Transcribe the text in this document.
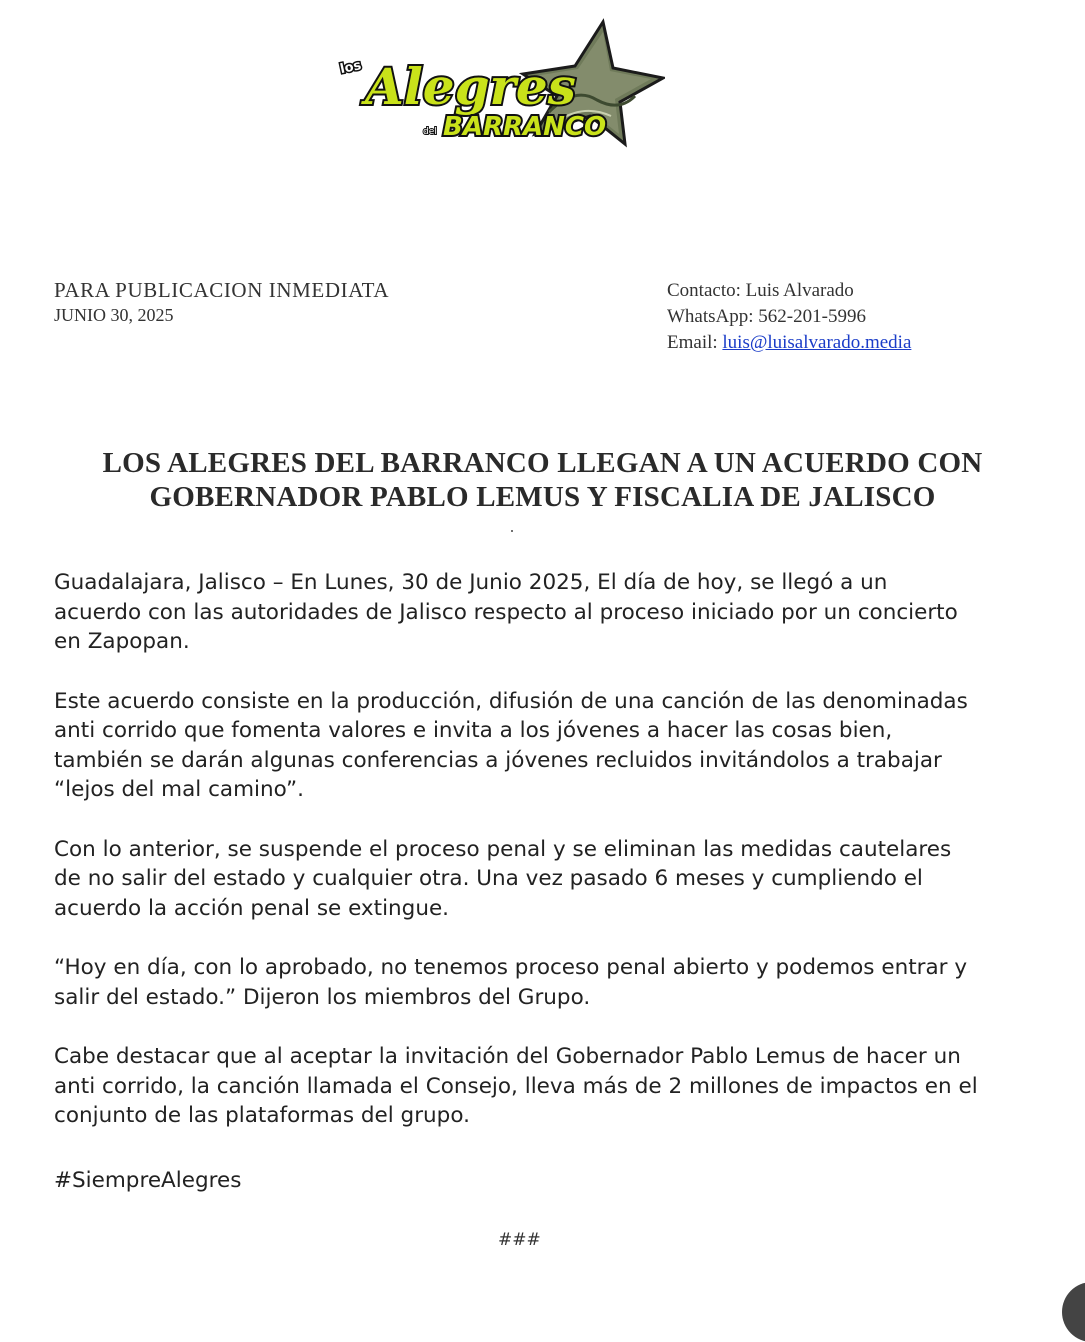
Alegres
los
del BARRANCO
PARA PUBLICACION INMEDIATA
JUNIO 30, 2025
Contacto: Luis Alvarado
WhatsApp: 562-201-5996
Email: luis@luisalvarado.media
LOS ALEGRES DEL BARRANCO LLEGAN A UN ACUERDO CON
GOBERNADOR PABLO LEMUS Y FISCALIA DE JALISCO

Guadalajara, Jalisco – En Lunes, 30 de Junio 2025, El día de hoy, se llegó a un
acuerdo con las autoridades de Jalisco respecto al proceso iniciado por un concierto
en Zapopan.

Este acuerdo consiste en la producción, difusión de una canción de las denominadas
anti corrido que fomenta valores e invita a los jóvenes a hacer las cosas bien,
también se darán algunas conferencias a jóvenes recluidos invitándolos a trabajar
“lejos del mal camino”.

Con lo anterior, se suspende el proceso penal y se eliminan las medidas cautelares
de no salir del estado y cualquier otra. Una vez pasado 6 meses y cumpliendo el
acuerdo la acción penal se extingue.

“Hoy en día, con lo aprobado, no tenemos proceso penal abierto y podemos entrar y
salir del estado.” Dijeron los miembros del Grupo.

Cabe destacar que al aceptar la invitación del Gobernador Pablo Lemus de hacer un
anti corrido, la canción llamada el Consejo, lleva más de 2 millones de impactos en el
conjunto de las plataformas del grupo.

#SiempreAlegres
###
